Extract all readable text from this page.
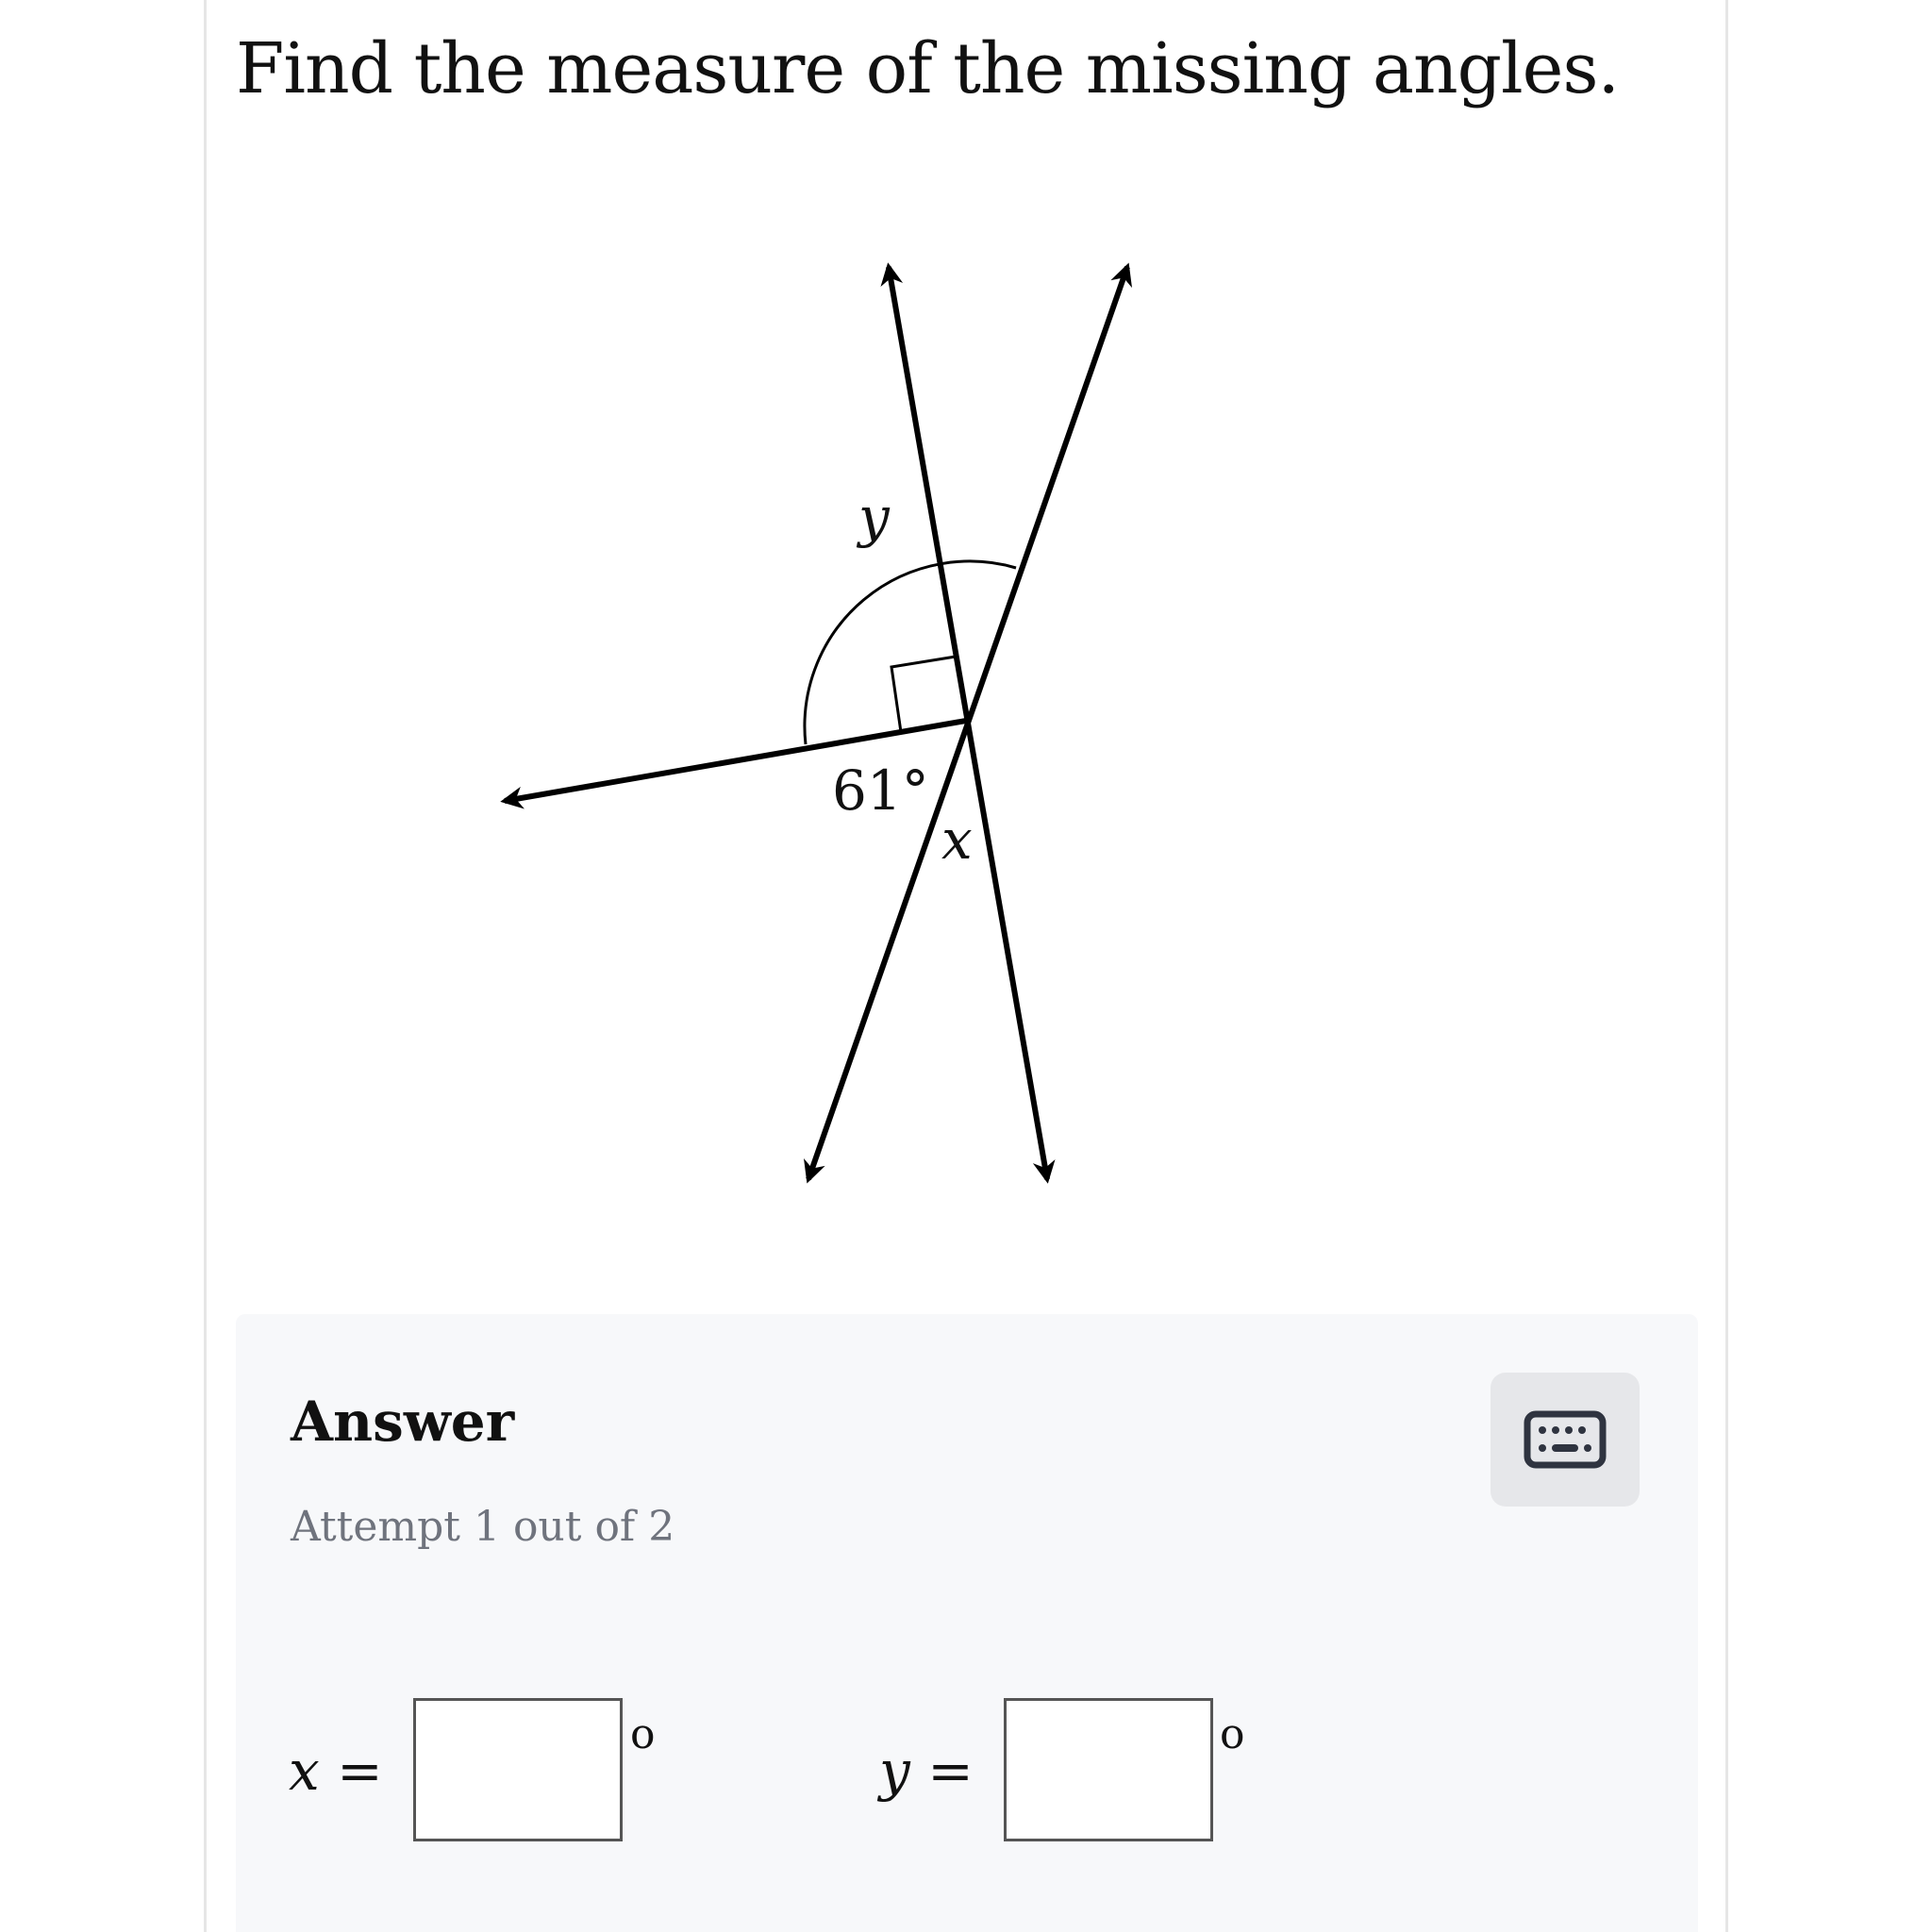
Find the measure of the missing angles.
61°
x
y
Answer
Attempt 1 out of 2
x =
o
y =
o
